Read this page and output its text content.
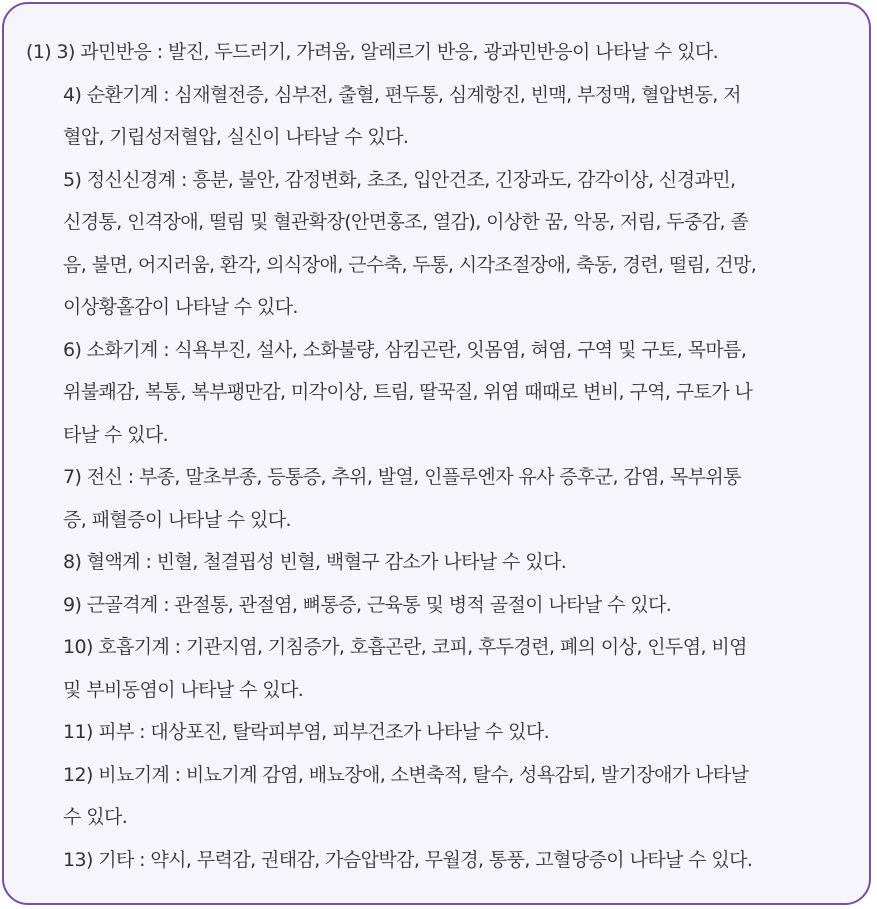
(1) 3) 과민반응 : 발진, 두드러기, 가려움, 알레르기 반응, 광과민반응이 나타날 수 있다.
4) 순환기계 : 심재혈전증, 심부전, 출혈, 편두통, 심계항진, 빈맥, 부정맥, 혈압변동, 저
혈압, 기립성저혈압, 실신이 나타날 수 있다.
5) 정신신경계 : 흥분, 불안, 감정변화, 초조, 입안건조, 긴장과도, 감각이상, 신경과민,
신경통, 인격장애, 떨림 및 혈관확장(안면홍조, 열감), 이상한 꿈, 악몽, 저림, 두중감, 졸
음, 불면, 어지러움, 환각, 의식장애, 근수축, 두통, 시각조절장애, 축동, 경련, 떨림, 건망,
이상황홀감이 나타날 수 있다.
6) 소화기계 : 식욕부진, 설사, 소화불량, 삼킴곤란, 잇몸염, 혀염, 구역 및 구토, 목마름,
위불쾌감, 복통, 복부팽만감, 미각이상, 트림, 딸꾹질, 위염 때때로 변비, 구역, 구토가 나
타날 수 있다.
7) 전신 : 부종, 말초부종, 등통증, 추위, 발열, 인플루엔자 유사 증후군, 감염, 목부위통
증, 패혈증이 나타날 수 있다.
8) 혈액계 : 빈혈, 철결핍성 빈혈, 백혈구 감소가 나타날 수 있다.
9) 근골격계 : 관절통, 관절염, 뼈통증, 근육통 및 병적 골절이 나타날 수 있다.
10) 호흡기계 : 기관지염, 기침증가, 호흡곤란, 코피, 후두경련, 폐의 이상, 인두염, 비염
및 부비동염이 나타날 수 있다.
11) 피부 : 대상포진, 탈락피부염, 피부건조가 나타날 수 있다.
12) 비뇨기계 : 비뇨기계 감염, 배뇨장애, 소변축적, 탈수, 성욕감퇴, 발기장애가 나타날
수 있다.
13) 기타 : 약시, 무력감, 권태감, 가슴압박감, 무월경, 통풍, 고혈당증이 나타날 수 있다.
